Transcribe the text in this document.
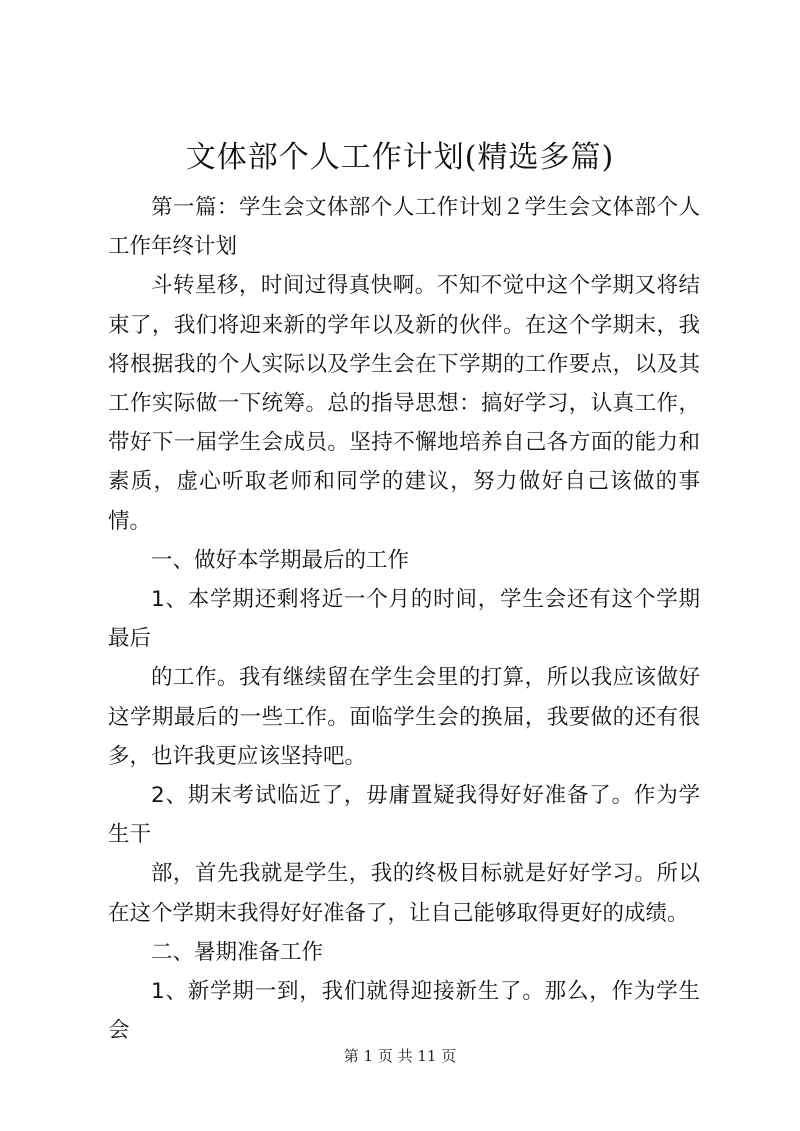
文体部个人工作计划(精选多篇)

第一篇：学生会文体部个人工作计划２学生会文体部个人工作年终计划

斗转星移，时间过得真快啊。不知不觉中这个学期又将结束了，我们将迎来新的学年以及新的伙伴。在这个学期末，我将根据我的个人实际以及学生会在下学期的工作要点，以及其工作实际做一下统筹。总的指导思想：搞好学习，认真工作，带好下一届学生会成员。坚持不懈地培养自己各方面的能力和素质，虚心听取老师和同学的建议，努力做好自己该做的事情。

一、做好本学期最后的工作

1、本学期还剩将近一个月的时间，学生会还有这个学期最后

的工作。我有继续留在学生会里的打算，所以我应该做好这学期最后的一些工作。面临学生会的换届，我要做的还有很多，也许我更应该坚持吧。

2、期末考试临近了，毋庸置疑我得好好准备了。作为学生干

部，首先我就是学生，我的终极目标就是好好学习。所以在这个学期末我得好好准备了，让自己能够取得更好的成绩。

二、暑期准备工作

1、新学期一到，我们就得迎接新生了。那么，作为学生会

第 1 页 共 11 页
